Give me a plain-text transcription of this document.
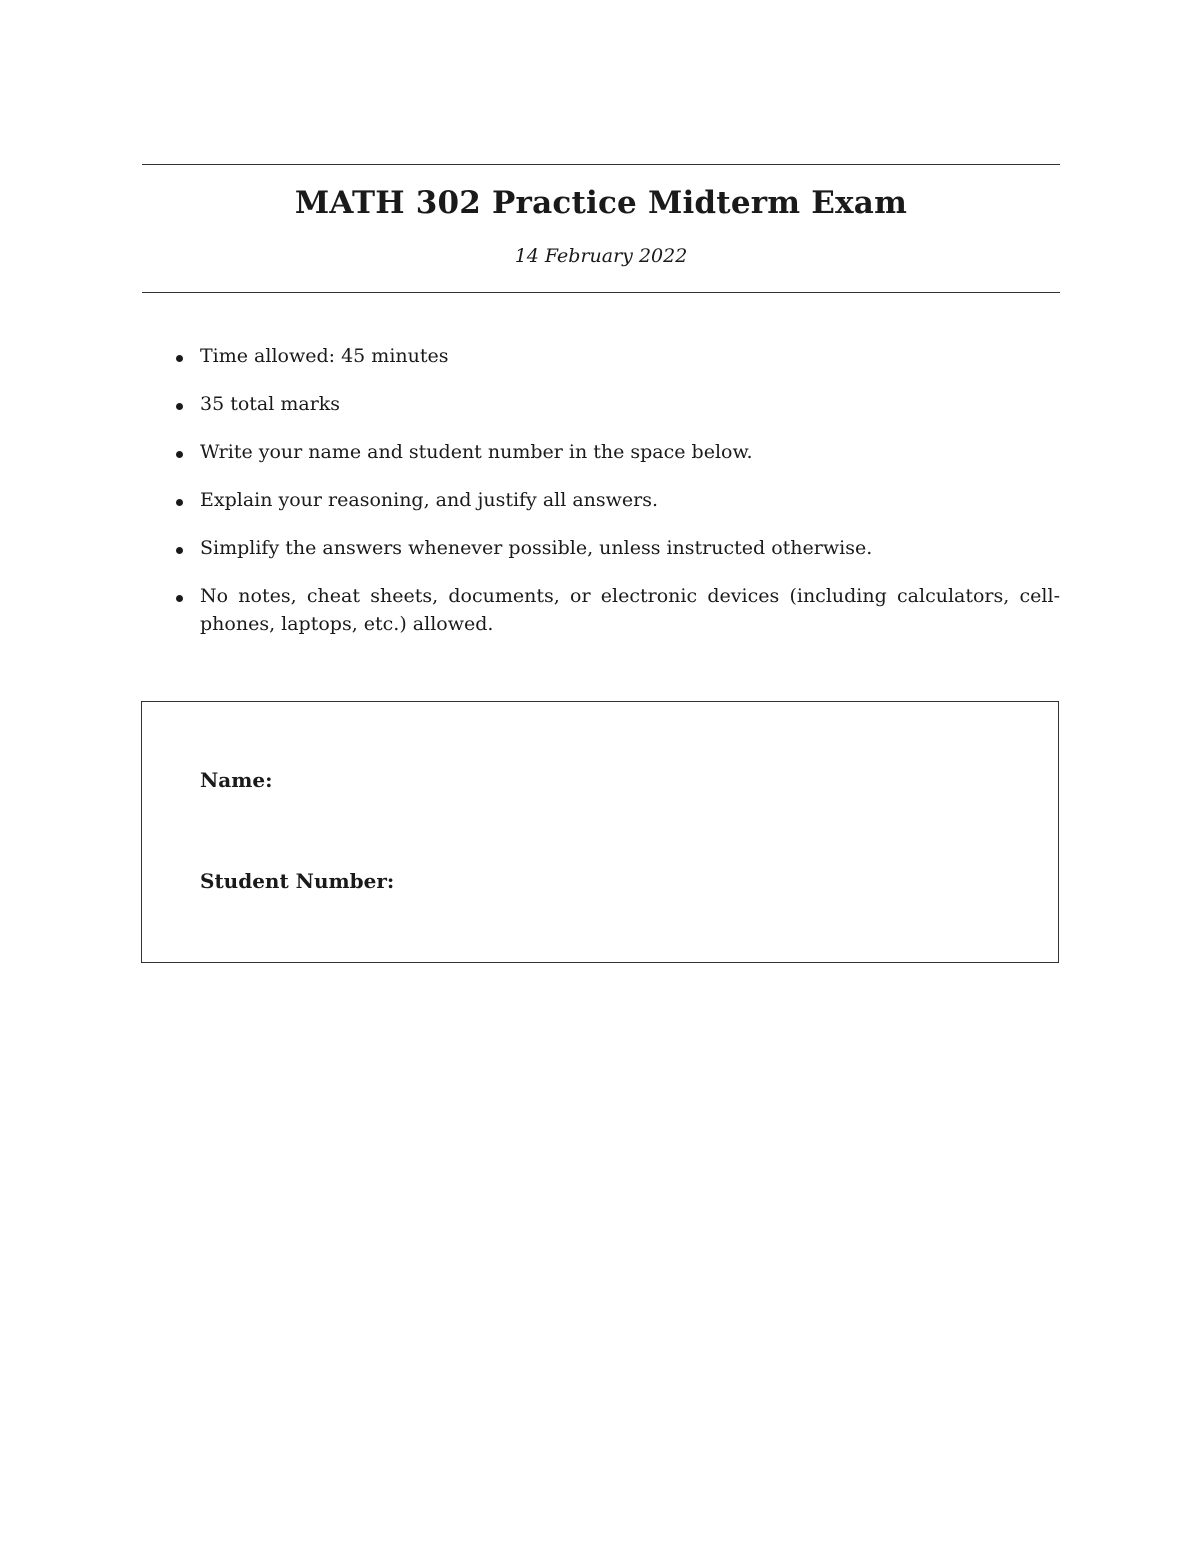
MATH 302 Practice Midterm Exam
14 February 2022
Time allowed: 45 minutes
35 total marks
Write your name and student number in the space below.
Explain your reasoning, and justify all answers.
Simplify the answers whenever possible, unless instructed otherwise.
No notes, cheat sheets, documents, or electronic devices (including calculators, cell-phones, laptops, etc.) allowed.
Name:
Student Number:
